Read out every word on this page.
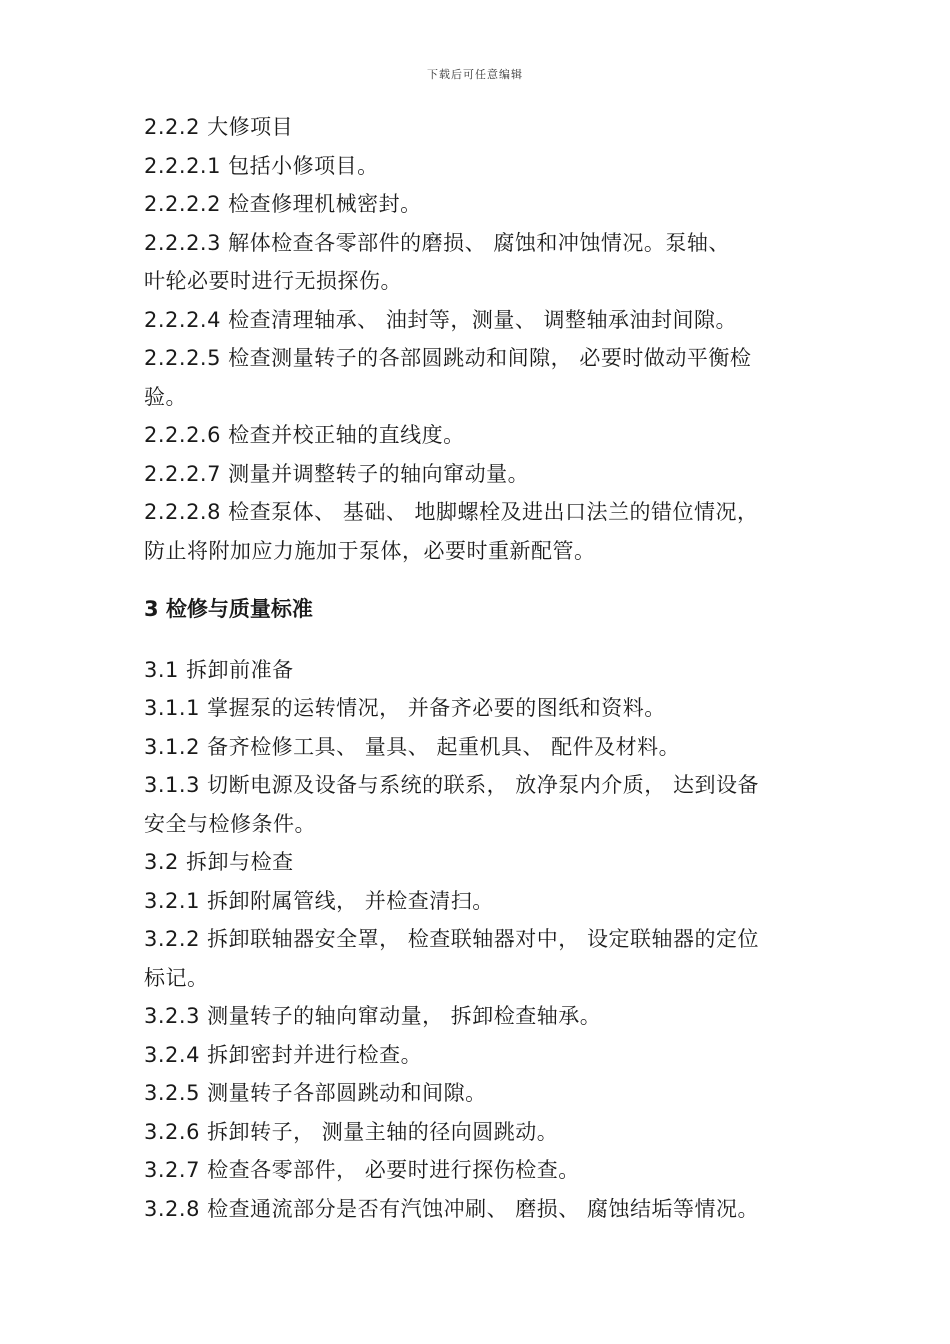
下载后可任意编辑
2.2.2 大修项目
2.2.2.1 包括小修项目。
2.2.2.2 检查修理机械密封。
2.2.2.3 解体检查各零部件的磨损、 腐蚀和冲蚀情况。泵轴、
叶轮必要时进行无损探伤。
2.2.2.4 检查清理轴承、 油封等，测量、 调整轴承油封间隙。
2.2.2.5 检查测量转子的各部圆跳动和间隙， 必要时做动平衡检
验。
2.2.2.6 检查并校正轴的直线度。
2.2.2.7 测量并调整转子的轴向窜动量。
2.2.2.8 检查泵体、 基础、 地脚螺栓及进出口法兰的错位情况，
防止将附加应力施加于泵体，必要时重新配管。
3 检修与质量标准
3.1 拆卸前准备
3.1.1 掌握泵的运转情况， 并备齐必要的图纸和资料。
3.1.2 备齐检修工具、 量具、 起重机具、 配件及材料。
3.1.3 切断电源及设备与系统的联系， 放净泵内介质， 达到设备
安全与检修条件。
3.2 拆卸与检查
3.2.1 拆卸附属管线， 并检查清扫。
3.2.2 拆卸联轴器安全罩， 检查联轴器对中， 设定联轴器的定位
标记。
3.2.3 测量转子的轴向窜动量， 拆卸检查轴承。
3.2.4 拆卸密封并进行检查。
3.2.5 测量转子各部圆跳动和间隙。
3.2.6 拆卸转子， 测量主轴的径向圆跳动。
3.2.7 检查各零部件， 必要时进行探伤检查。
3.2.8 检查通流部分是否有汽蚀冲刷、 磨损、 腐蚀结垢等情况。
